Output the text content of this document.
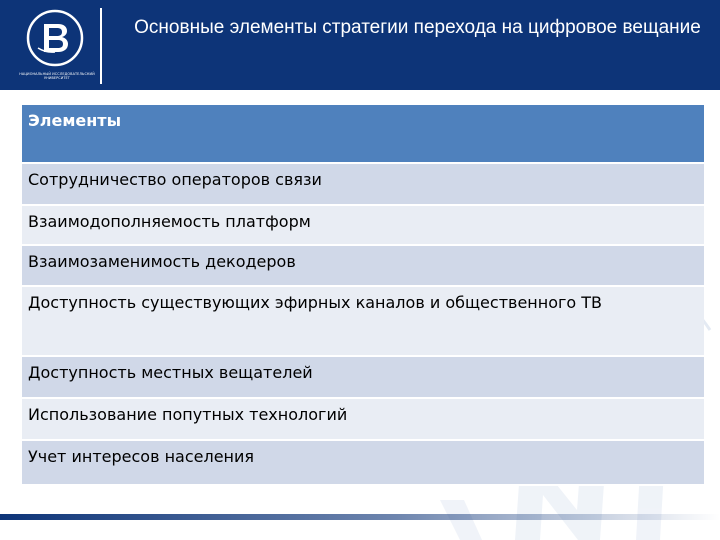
НАЦИОНАЛЬНЫЙ ИССЛЕДОВАТЕЛЬСКИЙ УНИВЕРСИТЕТ
Основные элементы стратегии перехода на цифровое вещание
Элементы
Сотрудничество операторов связи
Взаимодополняемость платформ
Взаимозаменимость декодеров
Доступность существующих эфирных каналов и общественного ТВ
Доступность местных вещателей
Использование попутных технологий
Учет интересов населения
